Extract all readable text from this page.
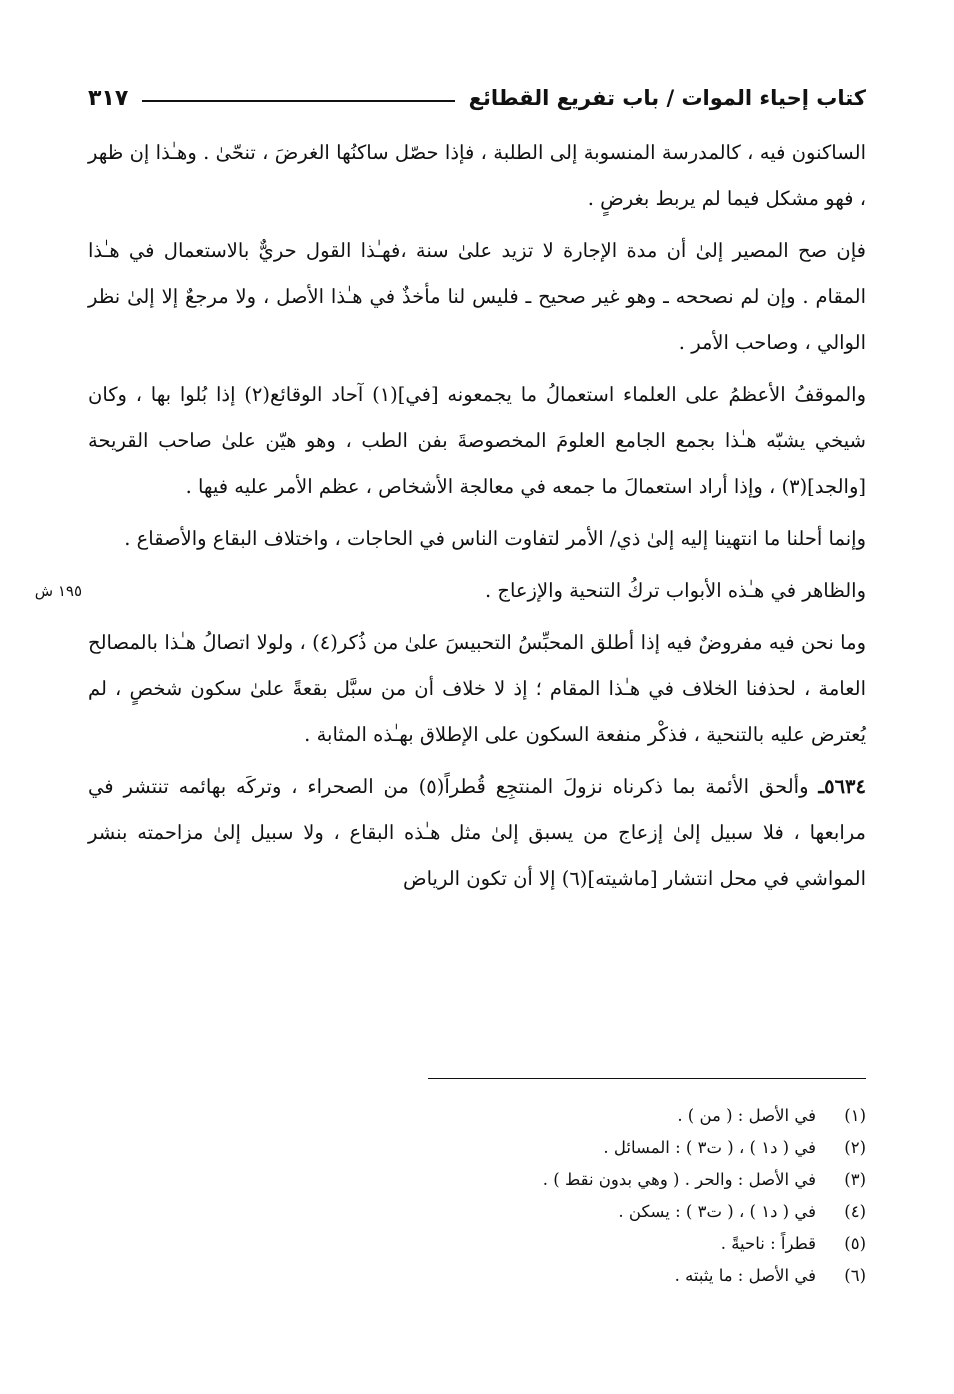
كتاب إحياء الموات / باب تفريع القطائع
٣١٧
١٩٥ ش

الساكنون فيه ، كالمدرسة المنسوبة إلى الطلبة ، فإذا حصّل ساكنُها الغرضَ ، تنحّىٰ . وهـٰذا إن ظهر ، فهو مشكل فيما لم يربط بغرضٍ .

فإن صح المصير إلىٰ أن مدة الإجارة لا تزيد علىٰ سنة ،فهـٰذا القول حريٌّ بالاستعمال في هـٰذا المقام . وإن لم نصححه ـ وهو غير صحيح ـ فليس لنا مأخذٌ في هـٰذا الأصل ، ولا مرجعٌ إلا إلىٰ نظر الوالي ، وصاحب الأمر .

والموقفُ الأعظمُ على العلماء استعمالُ ما يجمعونه [في](١) آحاد الوقائع(٢) إذا بُلوا بها ، وكان شيخي يشبّه هـٰذا بجمع الجامع العلومَ المخصوصةَ بفن الطب ، وهو هيّن علىٰ صاحب القريحة [والجد](٣) ، وإذا أراد استعمالَ ما جمعه في معالجة الأشخاص ، عظم الأمر عليه فيها .

وإنما أحلنا ما انتهينا إليه إلىٰ ذي/ الأمر لتفاوت الناس في الحاجات ، واختلاف البقاع والأصقاع .

والظاهر في هـٰذه الأبواب تركُ التنحية والإزعاج .

وما نحن فيه مفروضٌ فيه إذا أطلق المحبِّسُ التحبيسَ علىٰ من ذُكر(٤) ، ولولا اتصالُ هـٰذا بالمصالح العامة ، لحذفنا الخلاف في هـٰذا المقام ؛ إذ لا خلاف أن من سبَّل بقعةً علىٰ سكون شخصٍ ، لم يُعترض عليه بالتنحية ، فذكْر منفعة السكون على الإطلاق بهـٰذه المثابة .

٥٦٣٤ـ وألحق الأئمة بما ذكرناه نزولَ المنتجِع قُطراً(٥) من الصحراء ، وتركَه بهائمه تنتشر في مرابعها ، فلا سبيل إلىٰ إزعاج من يسبق إلىٰ مثل هـٰذه البقاع ، ولا سبيل إلىٰ مزاحمته بنشر المواشي في محل انتشار [ماشيته](٦) إلا أن تكون الرياض

(١)
في الأصل : ( من ) .
(٢)
في ( د١ ) ، ( ت٣ ) : المسائل .
(٣)
في الأصل : والحر . ( وهي بدون نقط ) .
(٤)
في ( د١ ) ، ( ت٣ ) : يسكن .
(٥)
قطراً : ناحيةً .
(٦)
في الأصل : ما يثبته .
